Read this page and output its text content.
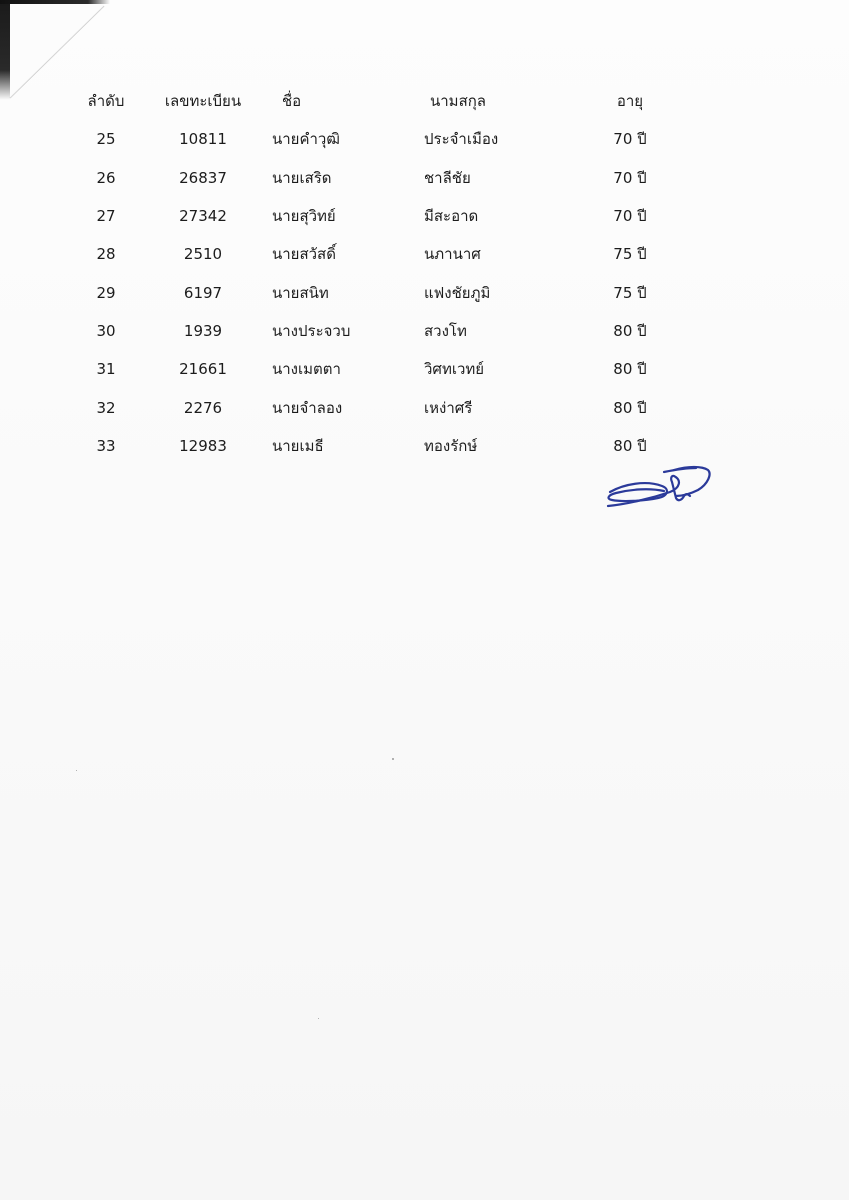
ลำดับ	เลขทะเบียน	ชื่อ	นามสกุล	อายุ
25	10811	นายคำวุฒิ	ประจำเมือง	70 ปี
26	26837	นายเสริด	ชาลีชัย	70 ปี
27	27342	นายสุวิทย์	มีสะอาด	70 ปี
28	2510	นายสวัสดิ์	นภานาศ	75 ปี
29	6197	นายสนิท	แฟงชัยภูมิ	75 ปี
30	1939	นางประจวบ	สวงโท	80 ปี
31	21661	นางเมตตา	วิศทเวทย์	80 ปี
32	2276	นายจำลอง	เหง่าศรี	80 ปี
33	12983	นายเมธี	ทองรักษ์	80 ปี
